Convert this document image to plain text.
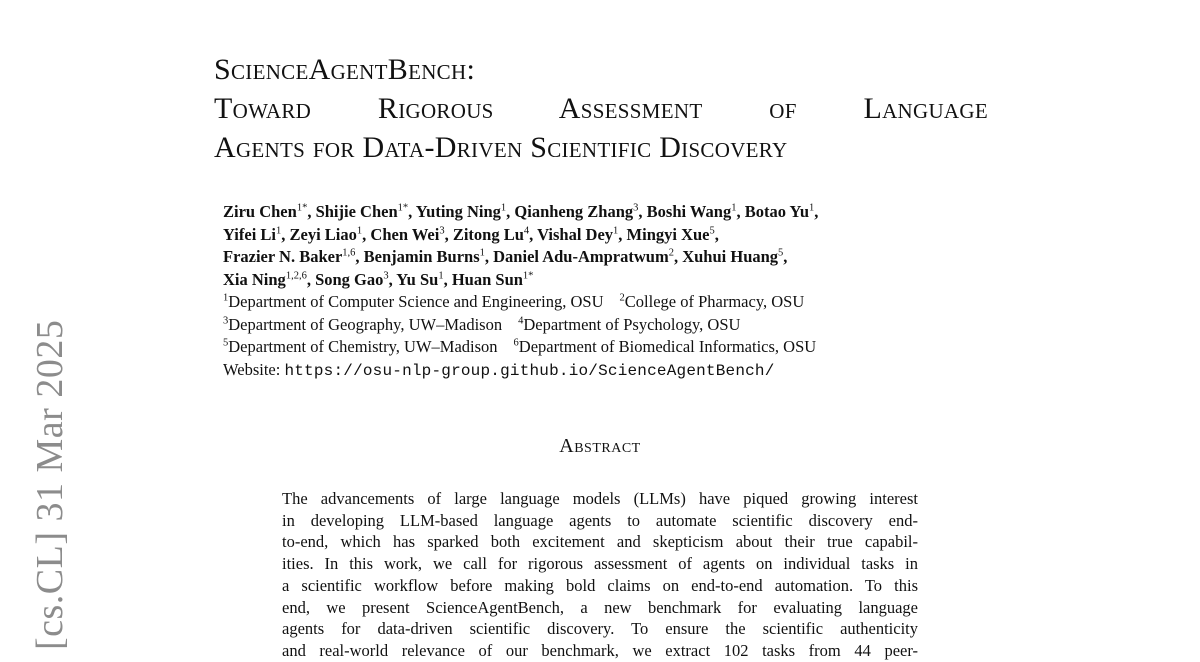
[cs.CL] 31 Mar 2025
ScienceAgentBench:
Toward Rigorous Assessment of Language
Agents for Data-Driven Scientific Discovery
Ziru Chen$^{1*}$, Shijie Chen$^{1*}$, Yuting Ning$^1$, Qianheng Zhang$^3$, Boshi Wang$^1$, Botao Yu$^1$,
Yifei Li$^1$, Zeyi Liao$^1$, Chen Wei$^3$, Zitong Lu$^4$, Vishal Dey$^1$, Mingyi Xue$^5$,
Frazier N. Baker$^{1,6}$, Benjamin Burns$^1$, Daniel Adu-Ampratwum$^2$, Xuhui Huang$^5$,
Xia Ning$^{1,2,6}$, Song Gao$^3$, Yu Su$^1$, Huan Sun$^{1*}$
$^1$Department of Computer Science and Engineering, OSU $^2$College of Pharmacy, OSU
$^3$Department of Geography, UW–Madison $^4$Department of Psychology, OSU
$^5$Department of Chemistry, UW–Madison $^6$Department of Biomedical Informatics, OSU
Website: https://osu-nlp-group.github.io/ScienceAgentBench/
Abstract
The advancements of large language models (LLMs) have piqued growing interest
in developing LLM-based language agents to automate scientific discovery end-
to-end, which has sparked both excitement and skepticism about their true capabil-
ities. In this work, we call for rigorous assessment of agents on individual tasks in
a scientific workflow before making bold claims on end-to-end automation. To this
end, we present ScienceAgentBench, a new benchmark for evaluating language
agents for data-driven scientific discovery. To ensure the scientific authenticity
and real-world relevance of our benchmark, we extract 102 tasks from 44 peer-
